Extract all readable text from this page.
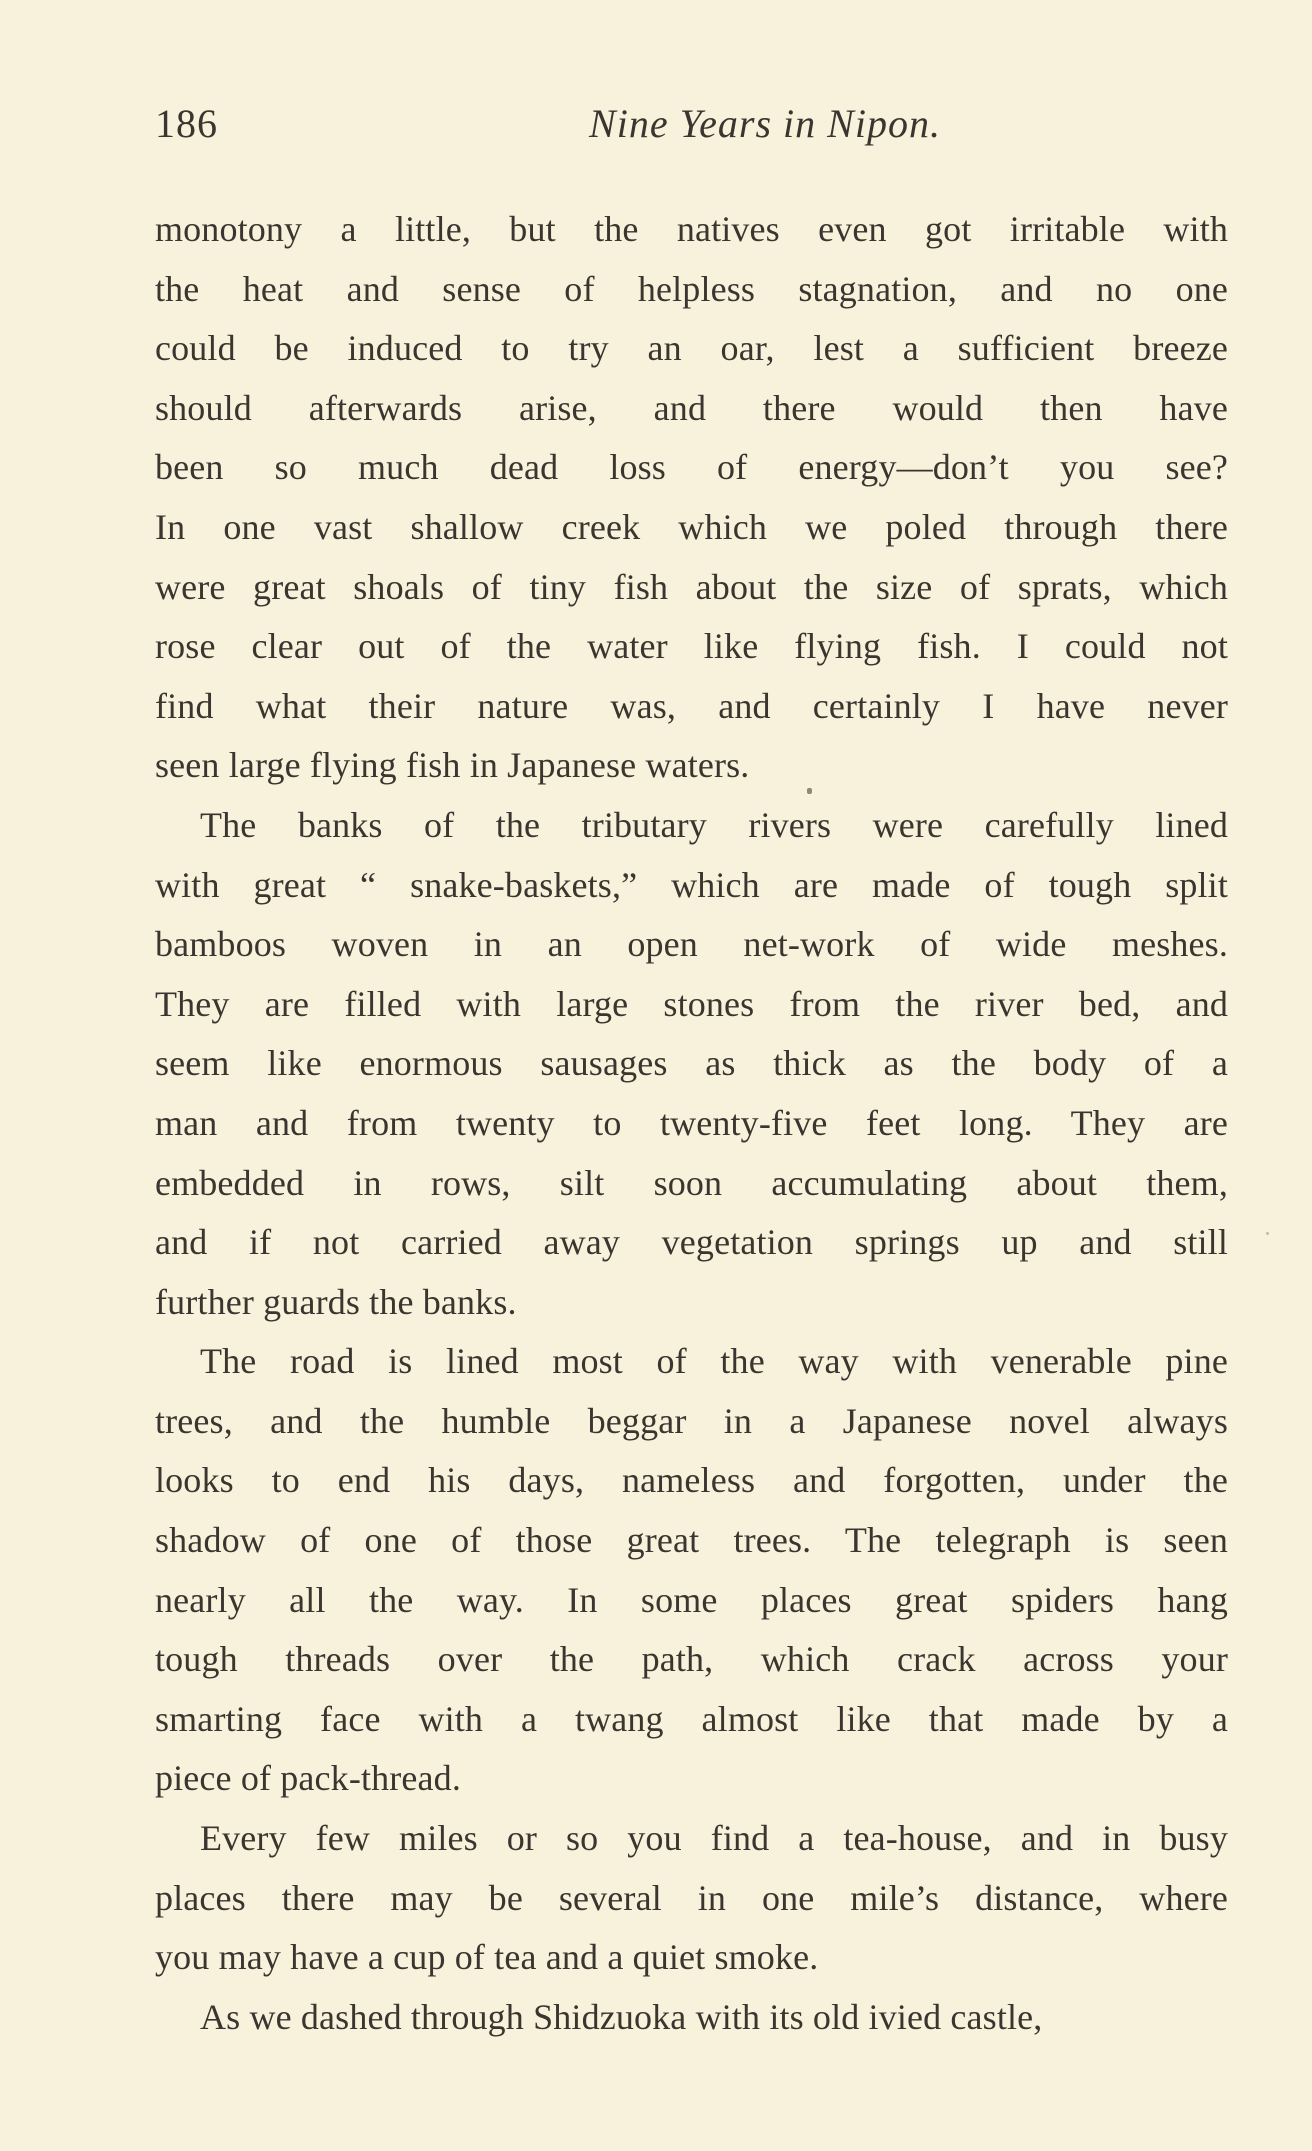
186	Nine Years in Nipon.
monotony a little, but the natives even got irritable with
the heat and sense of helpless stagnation, and no one
could be induced to try an oar, lest a sufficient breeze
should afterwards arise, and there would then have
been so much dead loss of energy—don’t you see?
In one vast shallow creek which we poled through there
were great shoals of tiny fish about the size of sprats, which
rose clear out of the water like flying fish. I could not
find what their nature was, and certainly I have never
seen large flying fish in Japanese waters.
The banks of the tributary rivers were carefully lined
with great “ snake-baskets,” which are made of tough split
bamboos woven in an open net-work of wide meshes.
They are filled with large stones from the river bed, and
seem like enormous sausages as thick as the body of a
man and from twenty to twenty-five feet long. They are
embedded in rows, silt soon accumulating about them,
and if not carried away vegetation springs up and still
further guards the banks.
The road is lined most of the way with venerable pine
trees, and the humble beggar in a Japanese novel always
looks to end his days, nameless and forgotten, under the
shadow of one of those great trees. The telegraph is seen
nearly all the way. In some places great spiders hang
tough threads over the path, which crack across your
smarting face with a twang almost like that made by a
piece of pack-thread.
Every few miles or so you find a tea-house, and in busy
places there may be several in one mile’s distance, where
you may have a cup of tea and a quiet smoke.
As we dashed through Shidzuoka with its old ivied castle,
